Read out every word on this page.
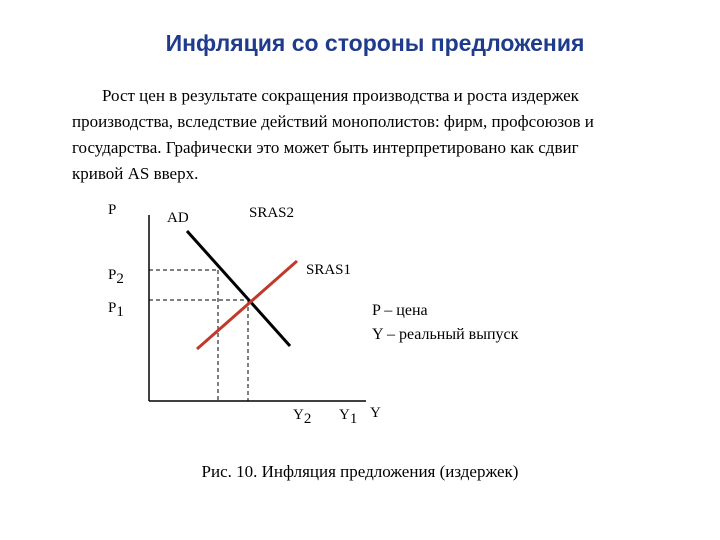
Инфляция со стороны предложения
Рост цен в результате сокращения производства и роста издержек
производства, вследствие действий монополистов: фирм, профсоюзов и
государства. Графически это может быть интерпретировано как сдвиг
кривой AS вверх.
P
Y
AD	SRAS2
SRAS1
P2
P1
Y2 Y1
P – цена
Y – реальный выпуск
Рис. 10. Инфляция предложения (издержек)
